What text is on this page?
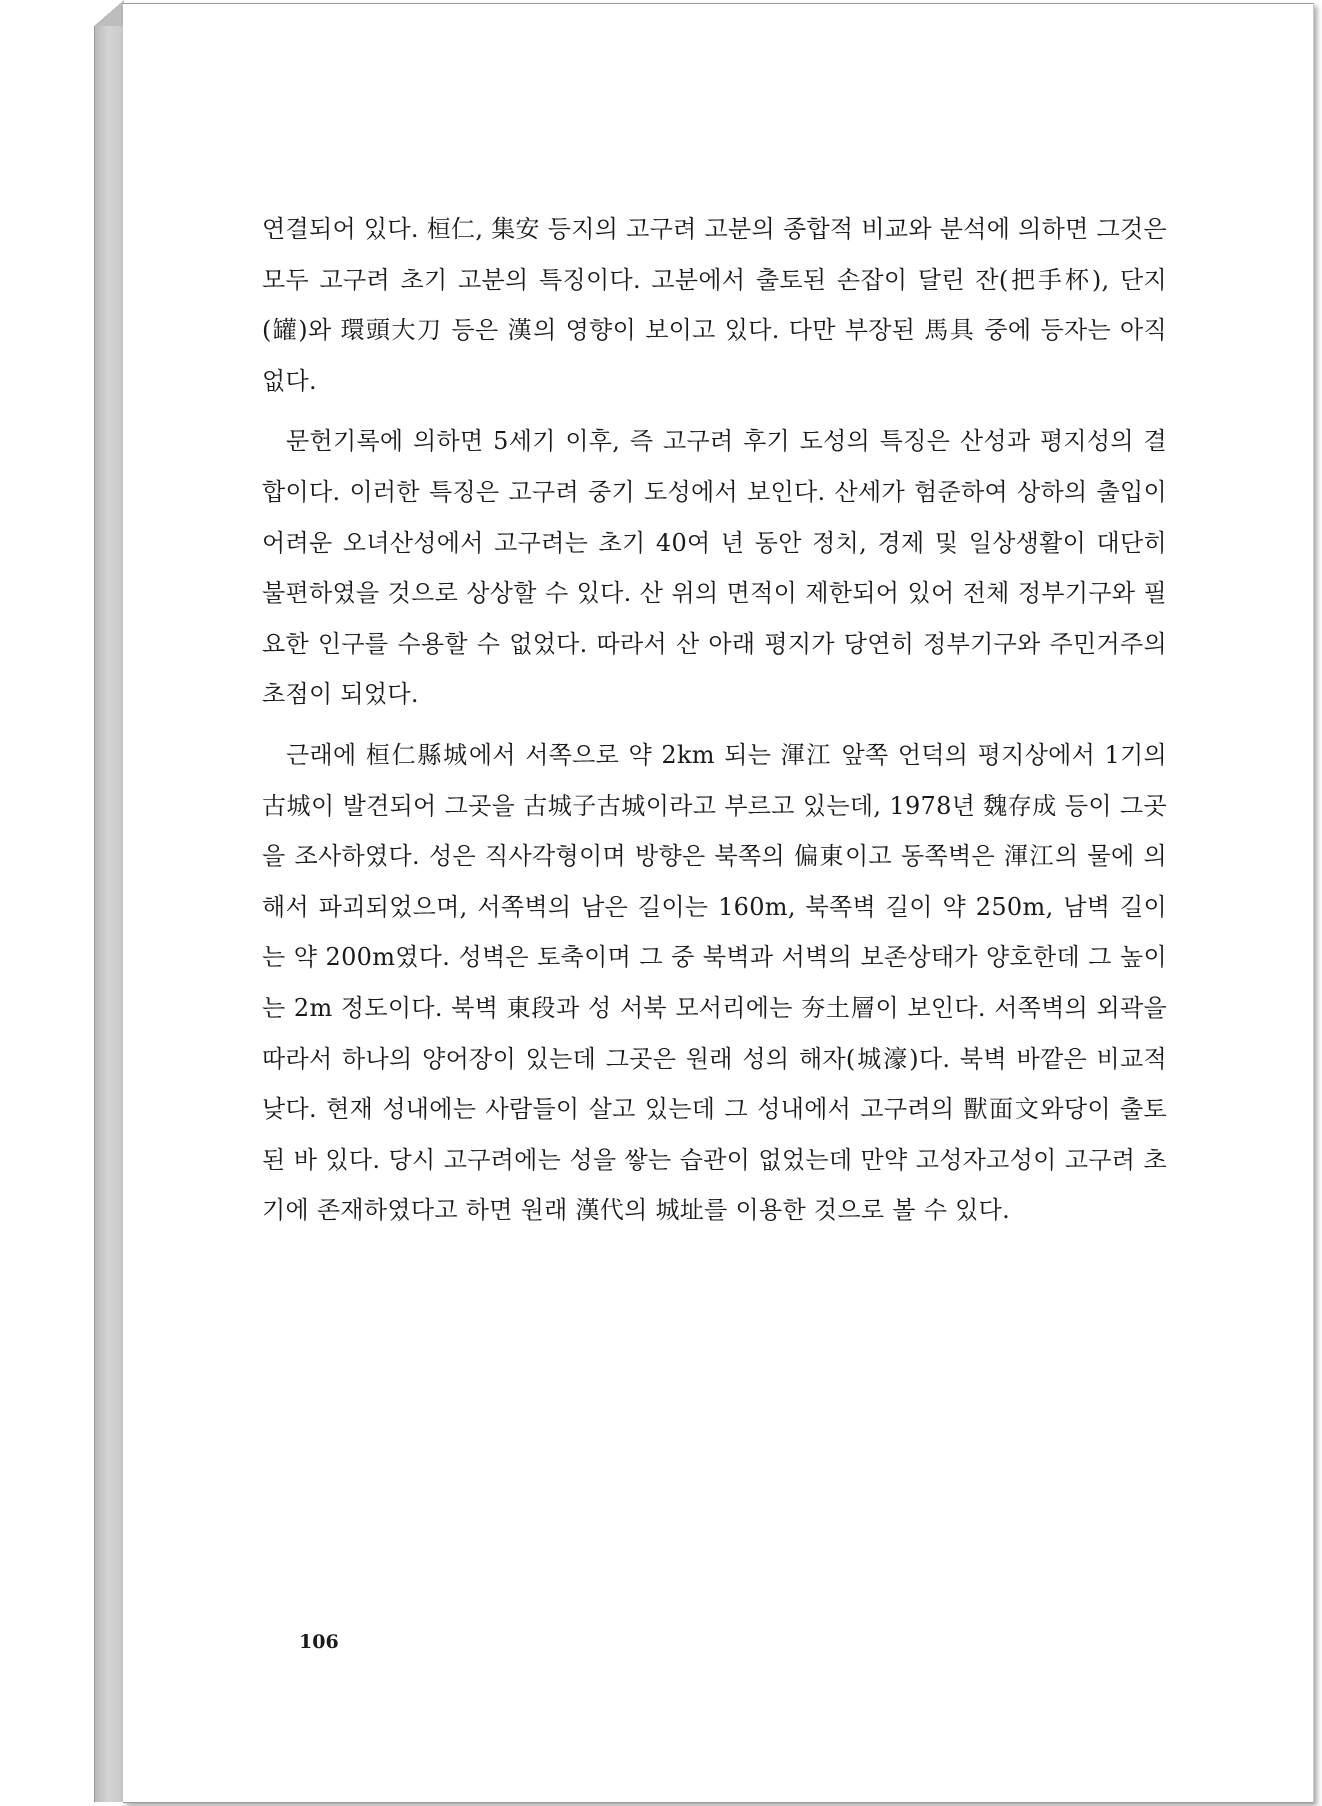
연결되어 있다. 桓仁, 集安 등지의 고구려 고분의 종합적 비교와 분석에 의하면 그것은 모두 고구려 초기 고분의 특징이다. 고분에서 출토된 손잡이 달린 잔(把手杯), 단지(罐)와 環頭大刀 등은 漢의 영향이 보이고 있다. 다만 부장된 馬具 중에 등자는 아직 없다.

문헌기록에 의하면 5세기 이후, 즉 고구려 후기 도성의 특징은 산성과 평지성의 결합이다. 이러한 특징은 고구려 중기 도성에서 보인다. 산세가 험준하여 상하의 출입이 어려운 오녀산성에서 고구려는 초기 40여 년 동안 정치, 경제 및 일상생활이 대단히 불편하였을 것으로 상상할 수 있다. 산 위의 면적이 제한되어 있어 전체 정부기구와 필요한 인구를 수용할 수 없었다. 따라서 산 아래 평지가 당연히 정부기구와 주민거주의 초점이 되었다.

근래에 桓仁縣城에서 서쪽으로 약 2km 되는 渾江 앞쪽 언덕의 평지상에서 1기의 古城이 발견되어 그곳을 古城子古城이라고 부르고 있는데, 1978년 魏存成 등이 그곳을 조사하였다. 성은 직사각형이며 방향은 북쪽의 偏東이고 동쪽벽은 渾江의 물에 의해서 파괴되었으며, 서쪽벽의 남은 길이는 160m, 북쪽벽 길이 약 250m, 남벽 길이는 약 200m였다. 성벽은 토축이며 그 중 북벽과 서벽의 보존상태가 양호한데 그 높이는 2m 정도이다. 북벽 東段과 성 서북 모서리에는 夯土層이 보인다. 서쪽벽의 외곽을 따라서 하나의 양어장이 있는데 그곳은 원래 성의 해자(城濠)다. 북벽 바깥은 비교적 낮다. 현재 성내에는 사람들이 살고 있는데 그 성내에서 고구려의 獸面文와당이 출토된 바 있다. 당시 고구려에는 성을 쌓는 습관이 없었는데 만약 고성자고성이 고구려 초기에 존재하였다고 하면 원래 漢代의 城址를 이용한 것으로 볼 수 있다.

106
